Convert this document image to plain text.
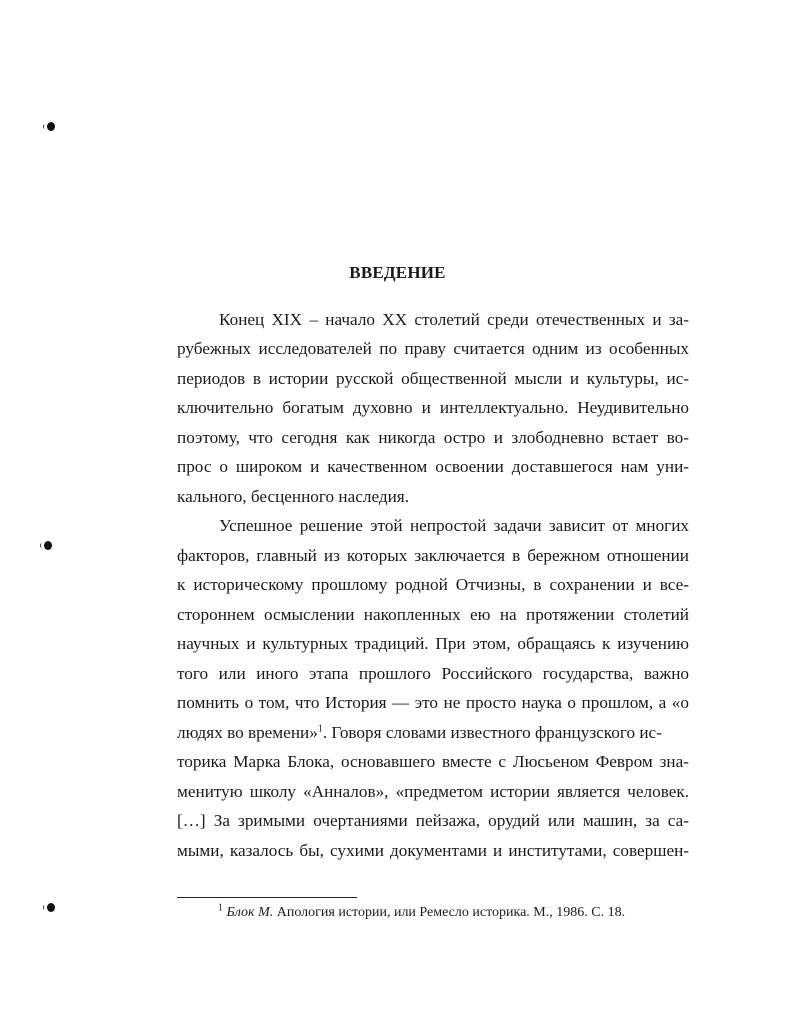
ВВЕДЕНИЕ
Конец XIX – начало XX столетий среди отечественных и за-
рубежных исследователей по праву считается одним из особенных
периодов в истории русской общественной мысли и культуры, ис-
ключительно богатым духовно и интеллектуально. Неудивительно
поэтому, что сегодня как никогда остро и злободневно встает во-
прос о широком и качественном освоении доставшегося нам уни-
кального, бесценного наследия.
Успешное решение этой непростой задачи зависит от многих
факторов, главный из которых заключается в бережном отношении
к историческому прошлому родной Отчизны, в сохранении и все-
стороннем осмыслении накопленных ею на протяжении столетий
научных и культурных традиций. При этом, обращаясь к изучению
того или иного этапа прошлого Российского государства, важно
помнить о том, что История — это не просто наука о прошлом, а «о
людях во времени»$^1$. Говоря словами известного французского ис-
торика Марка Блока, основавшего вместе с Люсьеном Февром зна-
менитую школу «Анналов», «предметом истории является человек.
[…] За зримыми очертаниями пейзажа, орудий или машин, за са-
мыми, казалось бы, сухими документами и институтами, совершен-
$^1$ Блок М. Апология истории, или Ремесло историка. М., 1986. С. 18.
